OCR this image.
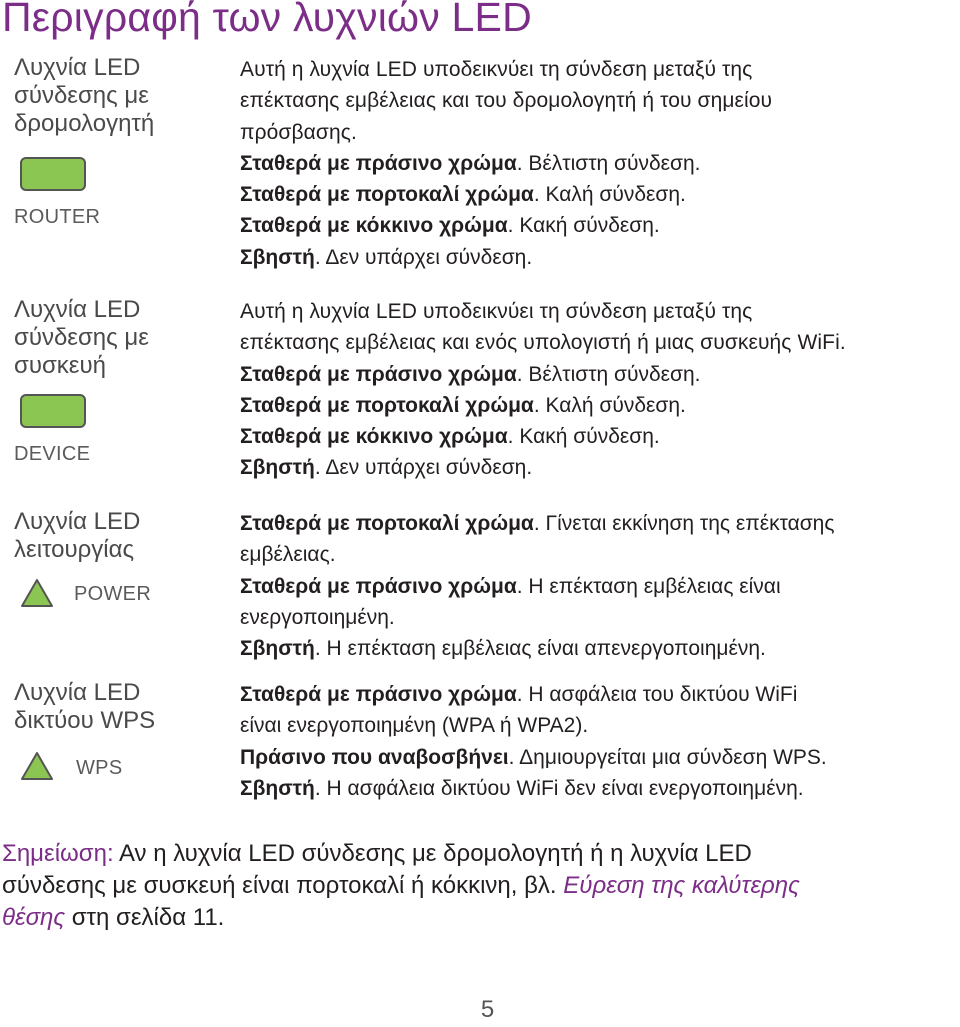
Περιγραφή των λυχνιών LED
Λυχνία LED
σύνδεσης με
δρομολογητή
ROUTER

Αυτή η λυχνία LED υποδεικνύει τη σύνδεση μεταξύ της

επέκτασης εμβέλειας και του δρομολογητή ή του σημείου

πρόσβασης.

Σταθερά με πράσινο χρώμα. Βέλτιστη σύνδεση.

Σταθερά με πορτοκαλί χρώμα. Καλή σύνδεση.

Σταθερά με κόκκινο χρώμα. Κακή σύνδεση.

Σβηστή. Δεν υπάρχει σύνδεση.

Λυχνία LED
σύνδεσης με
συσκευή
DEVICE

Αυτή η λυχνία LED υποδεικνύει τη σύνδεση μεταξύ της

επέκτασης εμβέλειας και ενός υπολογιστή ή μιας συσκευής WiFi.

Σταθερά με πράσινο χρώμα. Βέλτιστη σύνδεση.

Σταθερά με πορτοκαλί χρώμα. Καλή σύνδεση.

Σταθερά με κόκκινο χρώμα. Κακή σύνδεση.

Σβηστή. Δεν υπάρχει σύνδεση.

Λυχνία LED
λειτουργίας
POWER

Σταθερά με πορτοκαλί χρώμα. Γίνεται εκκίνηση της επέκτασης

εμβέλειας.

Σταθερά με πράσινο χρώμα. Η επέκταση εμβέλειας είναι

ενεργοποιημένη.

Σβηστή. Η επέκταση εμβέλειας είναι απενεργοποιημένη.

Λυχνία LED
δικτύου WPS
WPS

Σταθερά με πράσινο χρώμα. Η ασφάλεια του δικτύου WiFi

είναι ενεργοποιημένη (WPA ή WPA2).

Πράσινο που αναβοσβήνει. Δημιουργείται μια σύνδεση WPS.

Σβηστή. Η ασφάλεια δικτύου WiFi δεν είναι ενεργοποιημένη.

Σημείωση: Αν η λυχνία LED σύνδεσης με δρομολογητή ή η λυχνία LED
σύνδεσης με συσκευή είναι πορτοκαλί ή κόκκινη, βλ. Εύρεση της καλύτερης
θέσης στη σελίδα 11.
5
